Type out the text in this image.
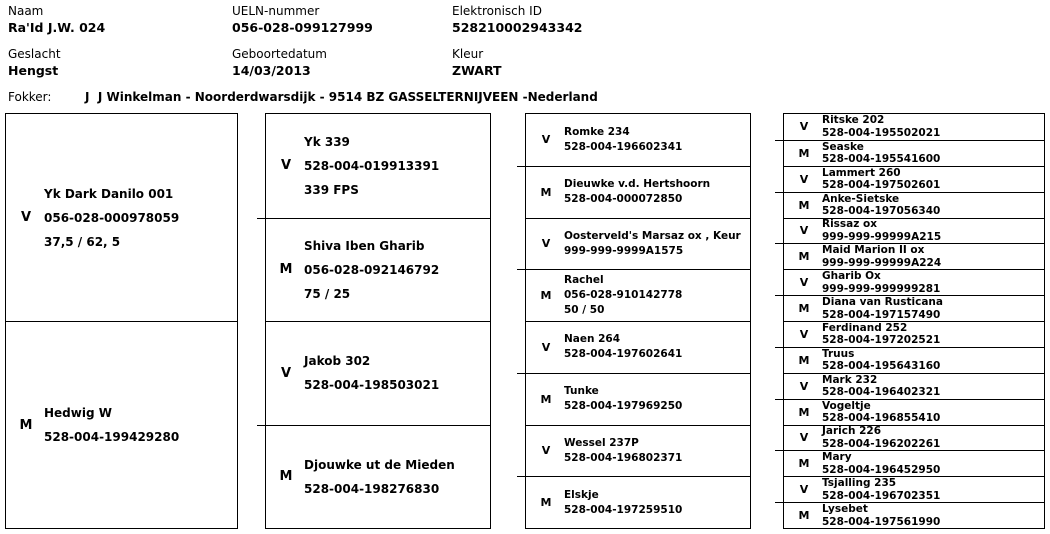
Naam
Ra'Id J.W. 024
UELN-nummer
056-028-099127999
Elektronisch ID
528210002943342
Geslacht
Hengst
Geboortedatum
14/03/2013
Kleur
ZWART
Fokker:	J  J Winkelman - Noorderdwarsdijk - 9514 BZ GASSELTERNIJVEEN -Nederland
V
Yk Dark Danilo 001
056-028-000978059
37,5 / 62, 5
M
Hedwig W
528-004-199429280
V
Yk 339
528-004-019913391
339 FPS
M
Shiva Iben Gharib
056-028-092146792
75 / 25
V
Jakob 302
528-004-198503021
M
Djouwke ut de Mieden
528-004-198276830
V
Romke 234
528-004-196602341
M
Dieuwke v.d. Hertshoorn
528-004-000072850
V
Oosterveld's Marsaz ox , Keur
999-999-9999A1575
M
Rachel
056-028-910142778
50 / 50
V
Naen 264
528-004-197602641
M
Tunke
528-004-197969250
V
Wessel 237P
528-004-196802371
M
Elskje
528-004-197259510
V	Ritske 202
528-004-195502021
M	Seaske
528-004-195541600
V	Lammert 260
528-004-197502601
M	Anke-Sietske
528-004-197056340
V	Rissaz ox
999-999-99999A215
M	Maid Marion II ox
999-999-99999A224
V	Gharib Ox
999-999-999999281
M	Diana van Rusticana
528-004-197157490
V	Ferdinand 252
528-004-197202521
M	Truus
528-004-195643160
V	Mark 232
528-004-196402321
M	Vogeltje
528-004-196855410
V	Jarich 226
528-004-196202261
M	Mary
528-004-196452950
V	Tsjalling 235
528-004-196702351
M	Lysebet
528-004-197561990
